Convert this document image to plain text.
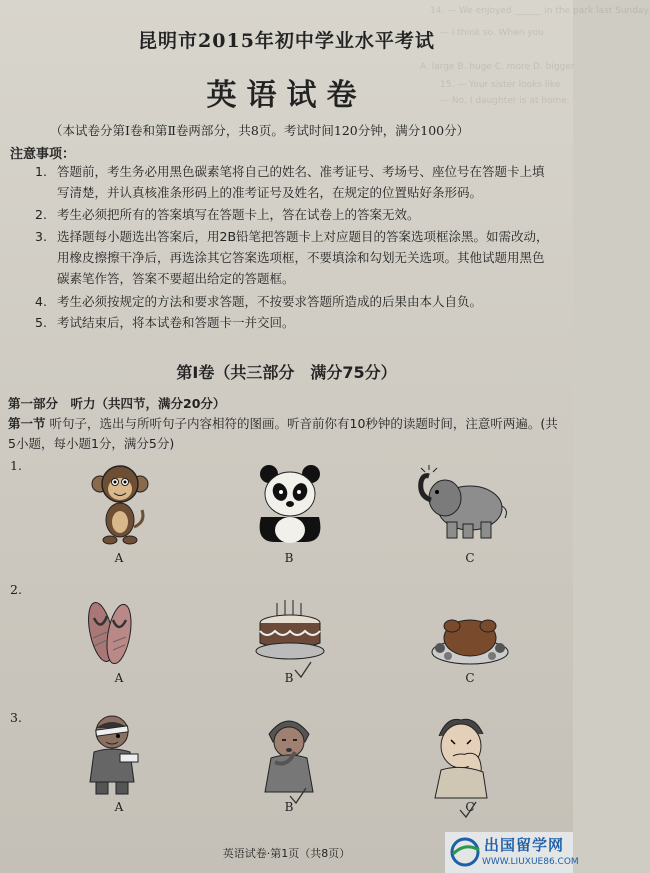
14. — We enjoyed ______ in the park last Sunday.
— I think so. When you
A. large B. huge C. more D. bigger
15. — Your sister looks like
— No, I daughter is at home.
昆明市2015年初中学业水平考试
英语试卷
（本试卷分第Ⅰ卷和第Ⅱ卷两部分，共8页。考试时间120分钟，满分100分）
注意事项：
1. 答题前，考生务必用黑色碳素笔将自己的姓名、准考证号、考场号、座位号在答题卡上填写清楚，并认真核准条形码上的准考证号及姓名，在规定的位置贴好条形码。
2. 考生必须把所有的答案填写在答题卡上，答在试卷上的答案无效。
3. 选择题每小题选出答案后，用2B铅笔把答题卡上对应题目的答案选项框涂黑。如需改动，用橡皮擦擦干净后，再选涂其它答案选项框，不要填涂和勾划无关选项。其他试题用黑色碳素笔作答，答案不要超出给定的答题框。
4. 考生必须按规定的方法和要求答题，不按要求答题所造成的后果由本人自负。
5. 考试结束后，将本试卷和答题卡一并交回。
第Ⅰ卷（共三部分　满分75分）
第一部分　听力（共四节，满分20分）
第一节 听句子，选出与所听句子内容相符的图画。听音前你有10秒钟的读题时间，注意听两遍。(共5小题，每小题1分，满分5分)
1.
A	B	C
2.
A	B	C
3.
A	B	C
英语试卷·第1页（共8页）	出国留学网
WWW.LIUXUE86.COM
